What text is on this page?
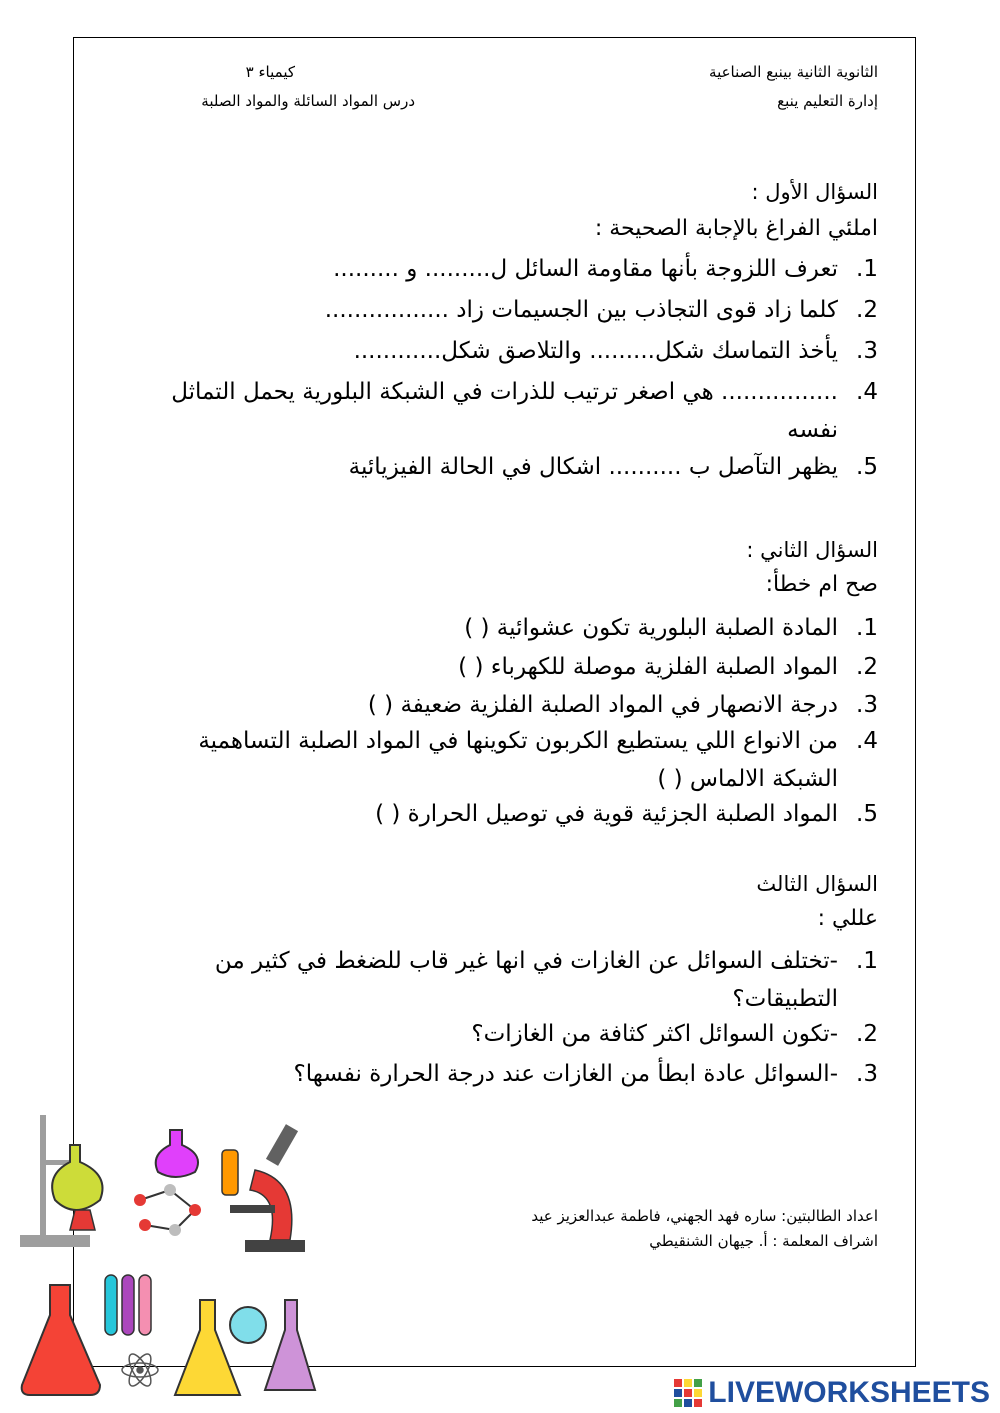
الثانوية الثانية بينبع الصناعية
إدارة التعليم ينبع
كيمياء ٣
درس المواد السائلة والمواد الصلبة
السؤال الأول :
املئي الفراغ بالإجابة الصحيحة :
1.
تعرف اللزوجة بأنها مقاومة السائل ل......... و .........
2.
كلما زاد قوى التجاذب بين الجسيمات زاد .................
3.
يأخذ التماسك شكل......... والتلاصق شكل............
4.
................ هي اصغر ترتيب للذرات في الشبكة البلورية يحمل التماثل نفسه
5.
يظهر التآصل ب .......... اشكال في الحالة الفيزيائية
السؤال الثاني :
صح ام خطأ:
1.
المادة الصلبة البلورية تكون عشوائية ( )
2.
المواد الصلبة الفلزية موصلة للكهرباء ( )
3.
درجة الانصهار في المواد الصلبة الفلزية ضعيفة ( )
4.
من الانواع اللي يستطيع الكربون تكوينها في المواد الصلبة التساهمية الشبكة الالماس ( )
5.
المواد الصلبة الجزئية قوية في توصيل الحرارة ( )
السؤال الثالث
عللي :
1.
-تختلف السوائل عن الغازات في انها غير قاب للضغط في كثير من التطبيقات؟
2.
-تكون السوائل اكثر كثافة من الغازات؟
3.
-السوائل عادة ابطأ من الغازات عند درجة الحرارة نفسها؟
اعداد الطالبتين: ساره فهد الجهني، فاطمة عبدالعزيز عيد
اشراف المعلمة : أ. جيهان الشنقيطي
LIVEWORKSHEETS
